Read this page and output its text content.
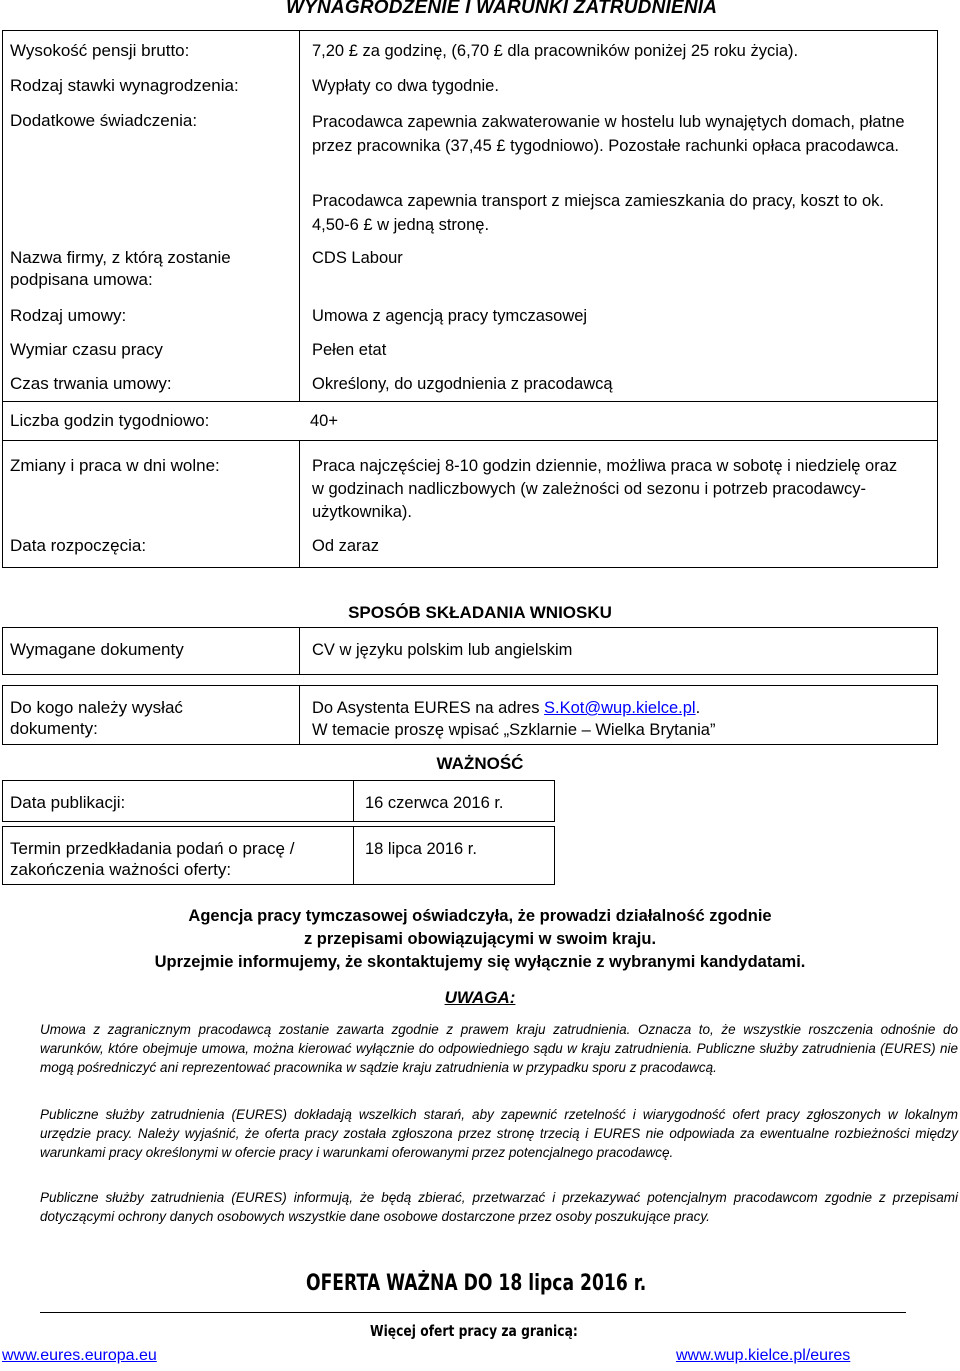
WYNAGRODZENIE I WARUNKI ZATRUDNIENIA
Wysokość pensji brutto:	7,20 £ za godzinę, (6,70 £ dla pracowników poniżej 25 roku życia).
Rodzaj stawki wynagrodzenia:	Wypłaty co dwa tygodnie.
Dodatkowe świadczenia:	Pracodawca zapewnia zakwaterowanie w hostelu lub wynajętych domach, płatne przez pracownika (37,45 £ tygodniowo). Pozostałe rachunki opłaca pracodawca.
Pracodawca zapewnia transport z miejsca zamieszkania do pracy, koszt to ok. 4,50-6 £ w jedną stronę.
Nazwa firmy, z którą zostanie podpisana umowa:
CDS Labour
Rodzaj umowy:	Umowa z agencją pracy tymczasowej
Wymiar czasu pracy	Pełen etat
Czas trwania umowy:	Określony, do uzgodnienia z pracodawcą
Liczba godzin tygodniowo:	40+
Zmiany i praca w dni wolne:	Praca najczęściej 8-10 godzin dziennie, możliwa praca w sobotę i niedzielę oraz w godzinach nadliczbowych (w zależności od sezonu i potrzeb pracodawcy-użytkownika).
Data rozpoczęcia:	Od zaraz
SPOSÓB SKŁADANIA WNIOSKU
Wymagane dokumenty	CV w języku polskim lub angielskim
Do kogo należy wysłać dokumenty:
Do Asystenta EURES na adres S.Kot@wup.kielce.pl.
W temacie proszę wpisać „Szklarnie – Wielka Brytania”
WAŻNOŚĆ
Data publikacji:	16 czerwca 2016 r.
Termin przedkładania podań o pracę / zakończenia ważności oferty:
18 lipca 2016 r.
Agencja pracy tymczasowej oświadczyła, że prowadzi działalność zgodnie
z przepisami obowiązującymi w swoim kraju.
Uprzejmie informujemy, że skontaktujemy się wyłącznie z wybranymi kandydatami.
UWAGA:
Umowa z zagranicznym pracodawcą zostanie zawarta zgodnie z prawem kraju zatrudnienia. Oznacza to, że wszystkie roszczenia odnośnie do warunków, które obejmuje umowa, można kierować wyłącznie do odpowiedniego sądu w kraju zatrudnienia. Publiczne służby zatrudnienia (EURES) nie mogą pośredniczyć ani reprezentować pracownika w sądzie kraju zatrudnienia w przypadku sporu z pracodawcą.
Publiczne służby zatrudnienia (EURES) dokładają wszelkich starań, aby zapewnić rzetelność i wiarygodność ofert pracy zgłoszonych w lokalnym urzędzie pracy. Należy wyjaśnić, że oferta pracy została zgłoszona przez stronę trzecią i EURES nie odpowiada za ewentualne rozbieżności między warunkami pracy określonymi w ofercie pracy i warunkami oferowanymi przez potencjalnego pracodawcę.
Publiczne służby zatrudnienia (EURES) informują, że będą zbierać, przetwarzać i przekazywać potencjalnym pracodawcom zgodnie z przepisami dotyczącymi ochrony danych osobowych wszystkie dane osobowe dostarczone przez osoby poszukujące pracy.
OFERTA WAŻNA DO 18 lipca 2016 r.
Więcej ofert pracy za granicą:
www.eures.europa.eu	www.wup.kielce.pl/eures
